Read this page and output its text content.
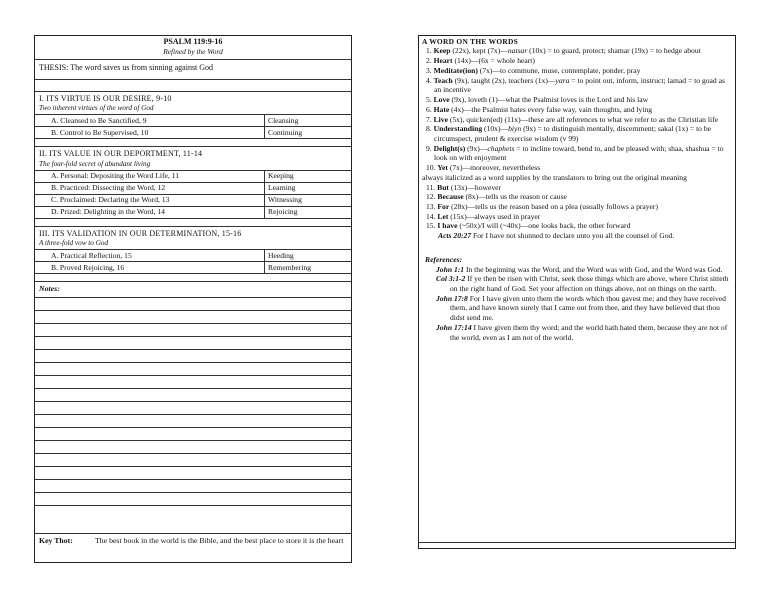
PSALM 119:9-16
Refined by the Word
THESIS: The word saves us from sinning against God
I. ITS VIRTUE IS OUR DESIRE, 9-10
Two inherent virtues of the word of God
A. Cleansed to Be Sanctified, 9	Cleansing
B. Control to Be Supervised, 10	Continuing
II. ITS VALUE IN OUR DEPORTMENT, 11-14
The four-fold secret of abundant living
A. Personal: Depositing the Word Life, 11	Keeping
B. Practiced: Dissecting the Word, 12	Learning
C. Proclaimed: Declaring the Word, 13	Witnessing
D. Prized: Delighting in the Word, 14	Rejoicing
III. ITS VALIDATION IN OUR DETERMINATION, 15-16
A three-fold vow to God
A. Practical Reflection, 15	Heeding
B. Proved Rejoicing, 16	Remembering
Notes:
Key Thot:	The best book in the world is the Bible, and the best place to store it is the heart
A WORD ON THE WORDS

1. Keep (22x), kept (7x)—natsar (10x) = to guard, protect; shamar (19x) = to hedge about

2. Heart (14x)—(6x = whole heart)

3. Meditate(ion) (7x)—to commune, muse, contemplate, ponder, pray

4. Teach (9x), taught (2x), teachers (1x)—yara = to point out, inform, instruct; lamad = to goad as an incentive

5. Love (9x), loveth (1)—what the Psalmist loves is the Lord and his law

6. Hate (4x)—the Psalmist hates every false way, vain thoughts, and lying

7. Live (5x), quicken(ed) (11x)—these are all references to what we refer to as the Christian life

8. Understanding (10x)—biyn (9x) = to distinguish mentally, discernment; sakal (1x) = to be circumspect, prudent & exercise wisdom (v 99)

9. Delight(s) (9x)—chaphets = to incline toward, bend to, and be pleased with; shaa, shashua = to look on with enjoyment

10. Yet (7x)—moreover, nevertheless

always italicized as a word supplies by the translators to bring out the original meaning

11. But (13x)—however

12. Because (8x)—tells us the reason or cause

13. For (28x)—tells us the reason based on a plea (usually follows a prayer)

14. Let (15x)—always used in prayer

15. I have (~50x)/I will (~40x)—one looks back, the other forward

Acts 20:27 For I have not shunned to declare unto you all the counsel of God.

References:

John 1:1 In the beginning was the Word, and the Word was with God, and the Word was God.

Col 3:1-2 If ye then be risen with Christ, seek those things which are above, where Christ sitteth on the right hand of God. Set your affection on things above, not on things on the earth.

John 17:8 For I have given unto them the words which thou gavest me; and they have received them, and have known surely that I came out from thee, and they have believed that thou didst send me.

John 17:14 I have given them thy word; and the world hath hated them, because they are not of the world, even as I am not of the world.
